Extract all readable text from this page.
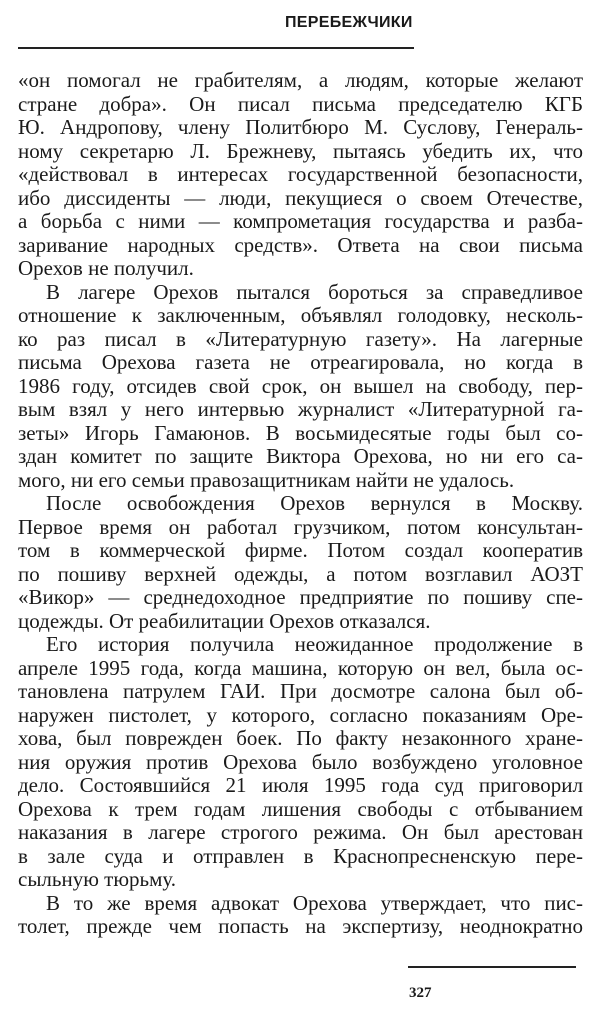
ПЕРЕБЕЖЧИКИ
«он помогал не грабителям, а людям, которые желают
стране добра». Он писал письма председателю КГБ
Ю. Андропову, члену Политбюро М. Суслову, Генераль-
ному секретарю Л. Брежневу, пытаясь убедить их, что
«действовал в интересах государственной безопасности,
ибо диссиденты — люди, пекущиеся о своем Отечестве,
а борьба с ними — компрометация государства и разба-
заривание народных средств». Ответа на свои письма
Орехов не получил.
В лагере Орехов пытался бороться за справедливое
отношение к заключенным, объявлял голодовку, несколь-
ко раз писал в «Литературную газету». На лагерные
письма Орехова газета не отреагировала, но когда в
1986 году, отсидев свой срок, он вышел на свободу, пер-
вым взял у него интервью журналист «Литературной га-
зеты» Игорь Гамаюнов. В восьмидесятые годы был со-
здан комитет по защите Виктора Орехова, но ни его са-
мого, ни его семьи правозащитникам найти не удалось.
После освобождения Орехов вернулся в Москву.
Первое время он работал грузчиком, потом консультан-
том в коммерческой фирме. Потом создал кооператив
по пошиву верхней одежды, а потом возглавил АОЗТ
«Викор» — среднедоходное предприятие по пошиву спе-
цодежды. От реабилитации Орехов отказался.
Его история получила неожиданное продолжение в
апреле 1995 года, когда машина, которую он вел, была ос-
тановлена патрулем ГАИ. При досмотре салона был об-
наружен пистолет, у которого, согласно показаниям Оре-
хова, был поврежден боек. По факту незаконного хране-
ния оружия против Орехова было возбуждено уголовное
дело. Состоявшийся 21 июля 1995 года суд приговорил
Орехова к трем годам лишения свободы с отбыванием
наказания в лагере строгого режима. Он был арестован
в зале суда и отправлен в Краснопресненскую пере-
сыльную тюрьму.
В то же время адвокат Орехова утверждает, что пис-
толет, прежде чем попасть на экспертизу, неоднократно
327
